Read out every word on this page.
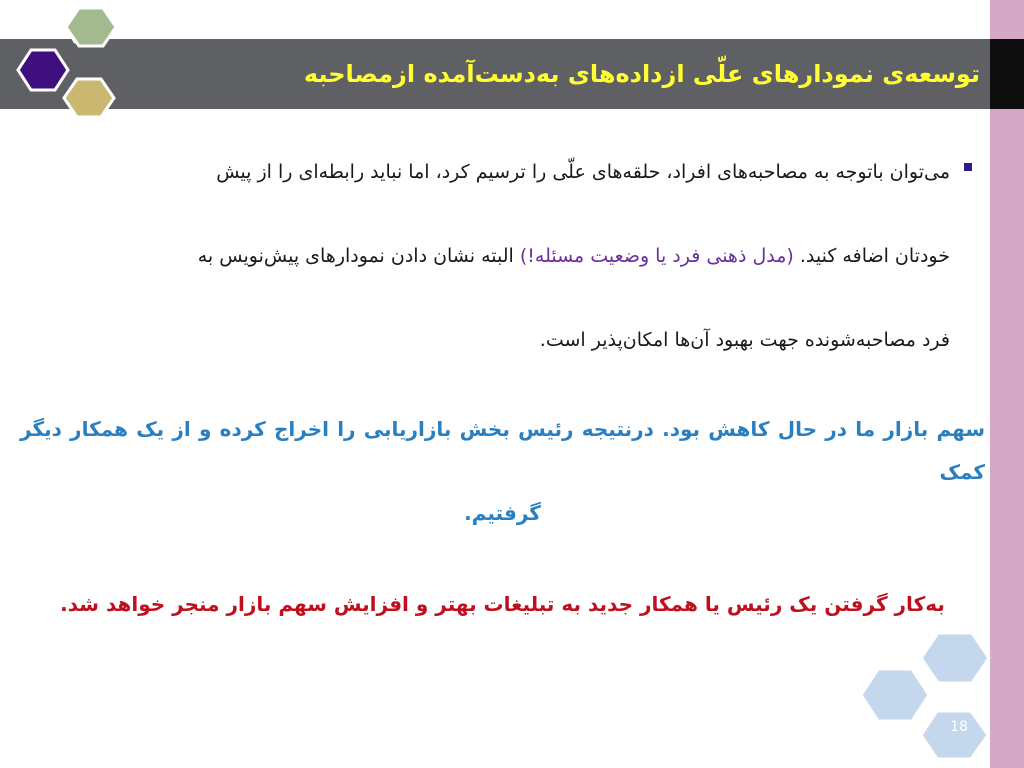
توسعه‌ی نمودارهای علّی ازداده‌های به‌دست‌آمده ازمصاحبه
می‌توان باتوجه به مصاحبه‌های افراد، حلقه‌های علّی را ترسیم کرد، اما نباید رابطه‌ای را از پیش
خودتان اضافه کنید. (مدل ذهنی فرد یا وضعیت مسئله!) البته نشان دادن نمودارهای پیش‌نویس به
فرد مصاحبه‌شونده جهت بهبود آن‌ها امکان‌پذیر است.
سهم بازار ما در حال کاهش بود. درنتیجه رئیس بخش بازاریابی را اخراج کرده و از یک همکار دیگر کمک
گرفتیم.
به‌کار گرفتن یک رئیس یا همکار جدید به تبلیغات بهتر و افزایش سهم بازار منجر خواهد شد.
18
